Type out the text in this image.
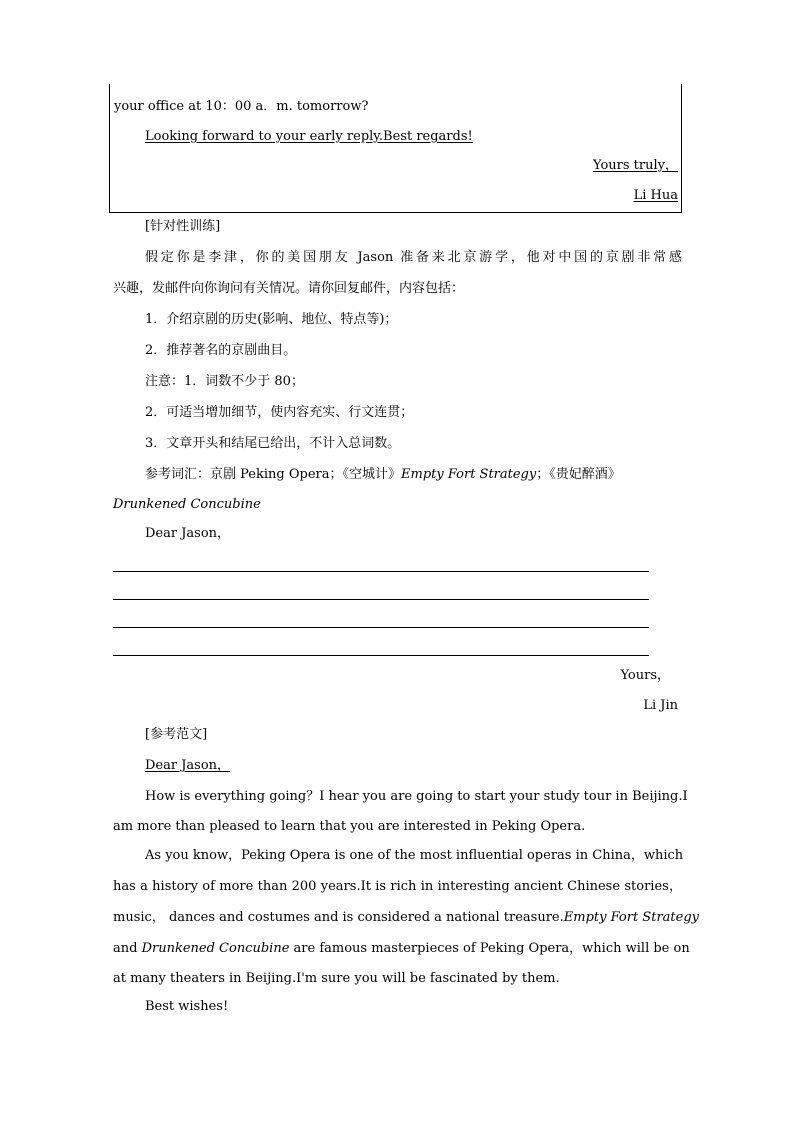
your office at 10：00 a．m. tomorrow?
Looking forward to your early reply.Best regards!
Yours truly，
Li Hua
[针对性训练]
假定你是李津，你的美国朋友 Jason 准备来北京游学，他对中国的京剧非常感
兴趣，发邮件向你询问有关情况。请你回复邮件，内容包括：
1．介绍京剧的历史(影响、地位、特点等)；
2．推荐著名的京剧曲目。
注意：1．词数不少于 80；
2．可适当增加细节，使内容充实、行文连贯；
3．文章开头和结尾已给出，不计入总词数。
参考词汇：京剧 Peking Opera；《空城计》Empty Fort Strategy；《贵妃醉酒》
Drunkened Concubine
Dear Jason，
Yours，
Li Jin
[参考范文]
Dear Jason，
How is everything going？I hear you are going to start your study tour in Beijing.I
am more than pleased to learn that you are interested in Peking Opera.
As you know，Peking Opera is one of the most influential operas in China，which
has a history of more than 200 years.It is rich in interesting ancient Chinese stories，
music， dances and costumes and is considered a national treasure.Empty Fort Strategy
and Drunkened Concubine are famous masterpieces of Peking Opera，which will be on
at many theaters in Beijing.I'm sure you will be fascinated by them.
Best wishes!
